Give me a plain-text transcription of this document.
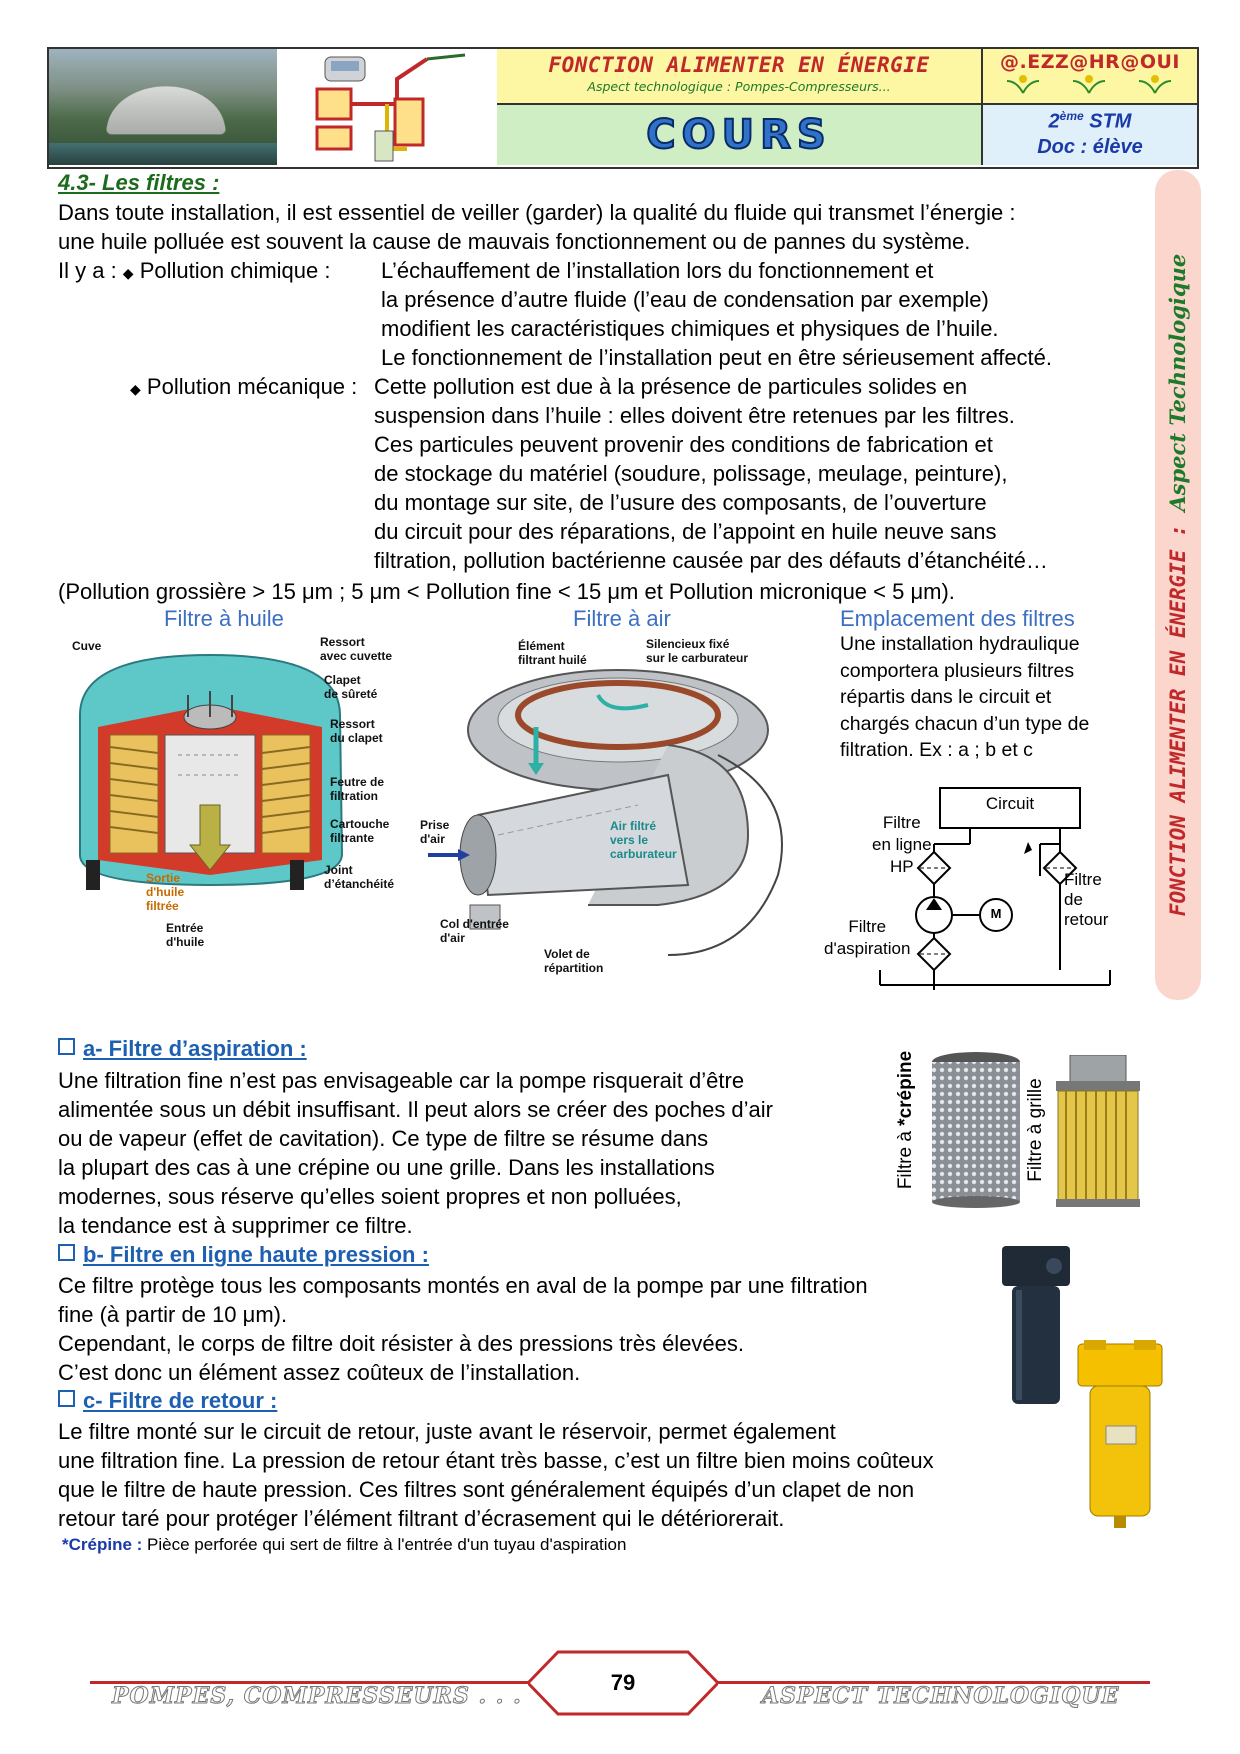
FONCTION ALIMENTER EN ÉNERGIE
Aspect technologique : Pompes-Compresseurs...
COURS
@.EZZ@HR@OUI
2ème STM
Doc : élève
FONCTION ALIMENTER EN ÉNERGIE : Aspect Technologique
4.3- Les filtres :
Dans toute installation, il est essentiel de veiller (garder) la qualité du fluide qui transmet l’énergie :
une huile polluée est souvent la cause de mauvais fonctionnement ou de pannes du système.
Il y a : ◆ Pollution chimique : L’échauffement de l’installation lors du fonctionnement et
la présence d’autre fluide (l’eau de condensation par exemple)
modifient les caractéristiques chimiques et physiques de l’huile.
Le fonctionnement de l’installation peut en être sérieusement affecté.
◆ Pollution mécanique : Cette pollution est due à la présence de particules solides en
suspension dans l’huile : elles doivent être retenues par les filtres.
Ces particules peuvent provenir des conditions de fabrication et
de stockage du matériel (soudure, polissage, meulage, peinture),
du montage sur site, de l’usure des composants, de l’ouverture
du circuit pour des réparations, de l’appoint en huile neuve sans
filtration, pollution bactérienne causée par des défauts d’étanchéité…
(Pollution grossière > 15 μm ; 5 μm < Pollution fine < 15 μm et Pollution micronique < 5 μm).
Filtre à huile	Filtre à air	Emplacement des filtres
Une installation hydraulique
comportera plusieurs filtres
répartis dans le circuit et
chargés chacun d’un type de
filtration. Ex : a ; b et c
Cuve	Ressort
avec cuvette
Clapet
de sûreté
Ressort
du clapet
Feutre de
filtration
Cartouche
filtrante
Joint
d’étanchéité
Sortie
d'huile
filtrée
Entrée
d'huile
Élément
filtrant huilé
Silencieux fixé
sur le carburateur
Prise
d'air
Air filtré
vers le
carburateur
Col d'entrée
d'air
Volet de
répartition
Circuit
M
Filtre
en ligne
HP
Filtre de
retour
Filtre
d'aspiration
a- Filtre d’aspiration :
Une filtration fine n’est pas envisageable car la pompe risquerait d’être
alimentée sous un débit insuffisant. Il peut alors se créer des poches d’air
ou de vapeur (effet de cavitation). Ce type de filtre se résume dans
la plupart des cas à une crépine ou une grille. Dans les installations
modernes, sous réserve qu’elles soient propres et non polluées,
la tendance est à supprimer ce filtre.
Filtre à *crépine	Filtre à grille
b- Filtre en ligne haute pression :
Ce filtre protège tous les composants montés en aval de la pompe par une filtration
fine (à partir de 10 μm).
Cependant, le corps de filtre doit résister à des pressions très élevées.
C’est donc un élément assez coûteux de l’installation.
c- Filtre de retour :
Le filtre monté sur le circuit de retour, juste avant le réservoir, permet également
une filtration fine. La pression de retour étant très basse, c’est un filtre bien moins coûteux
que le filtre de haute pression. Ces filtres sont généralement équipés d’un clapet de non
retour taré pour protéger l’élément filtrant d’écrasement qui le détériorerait.
*Crépine : Pièce perforée qui sert de filtre à l'entrée d'un tuyau d'aspiration
POMPES, COMPRESSEURS . . .	ASPECT TECHNOLOGIQUE
79
